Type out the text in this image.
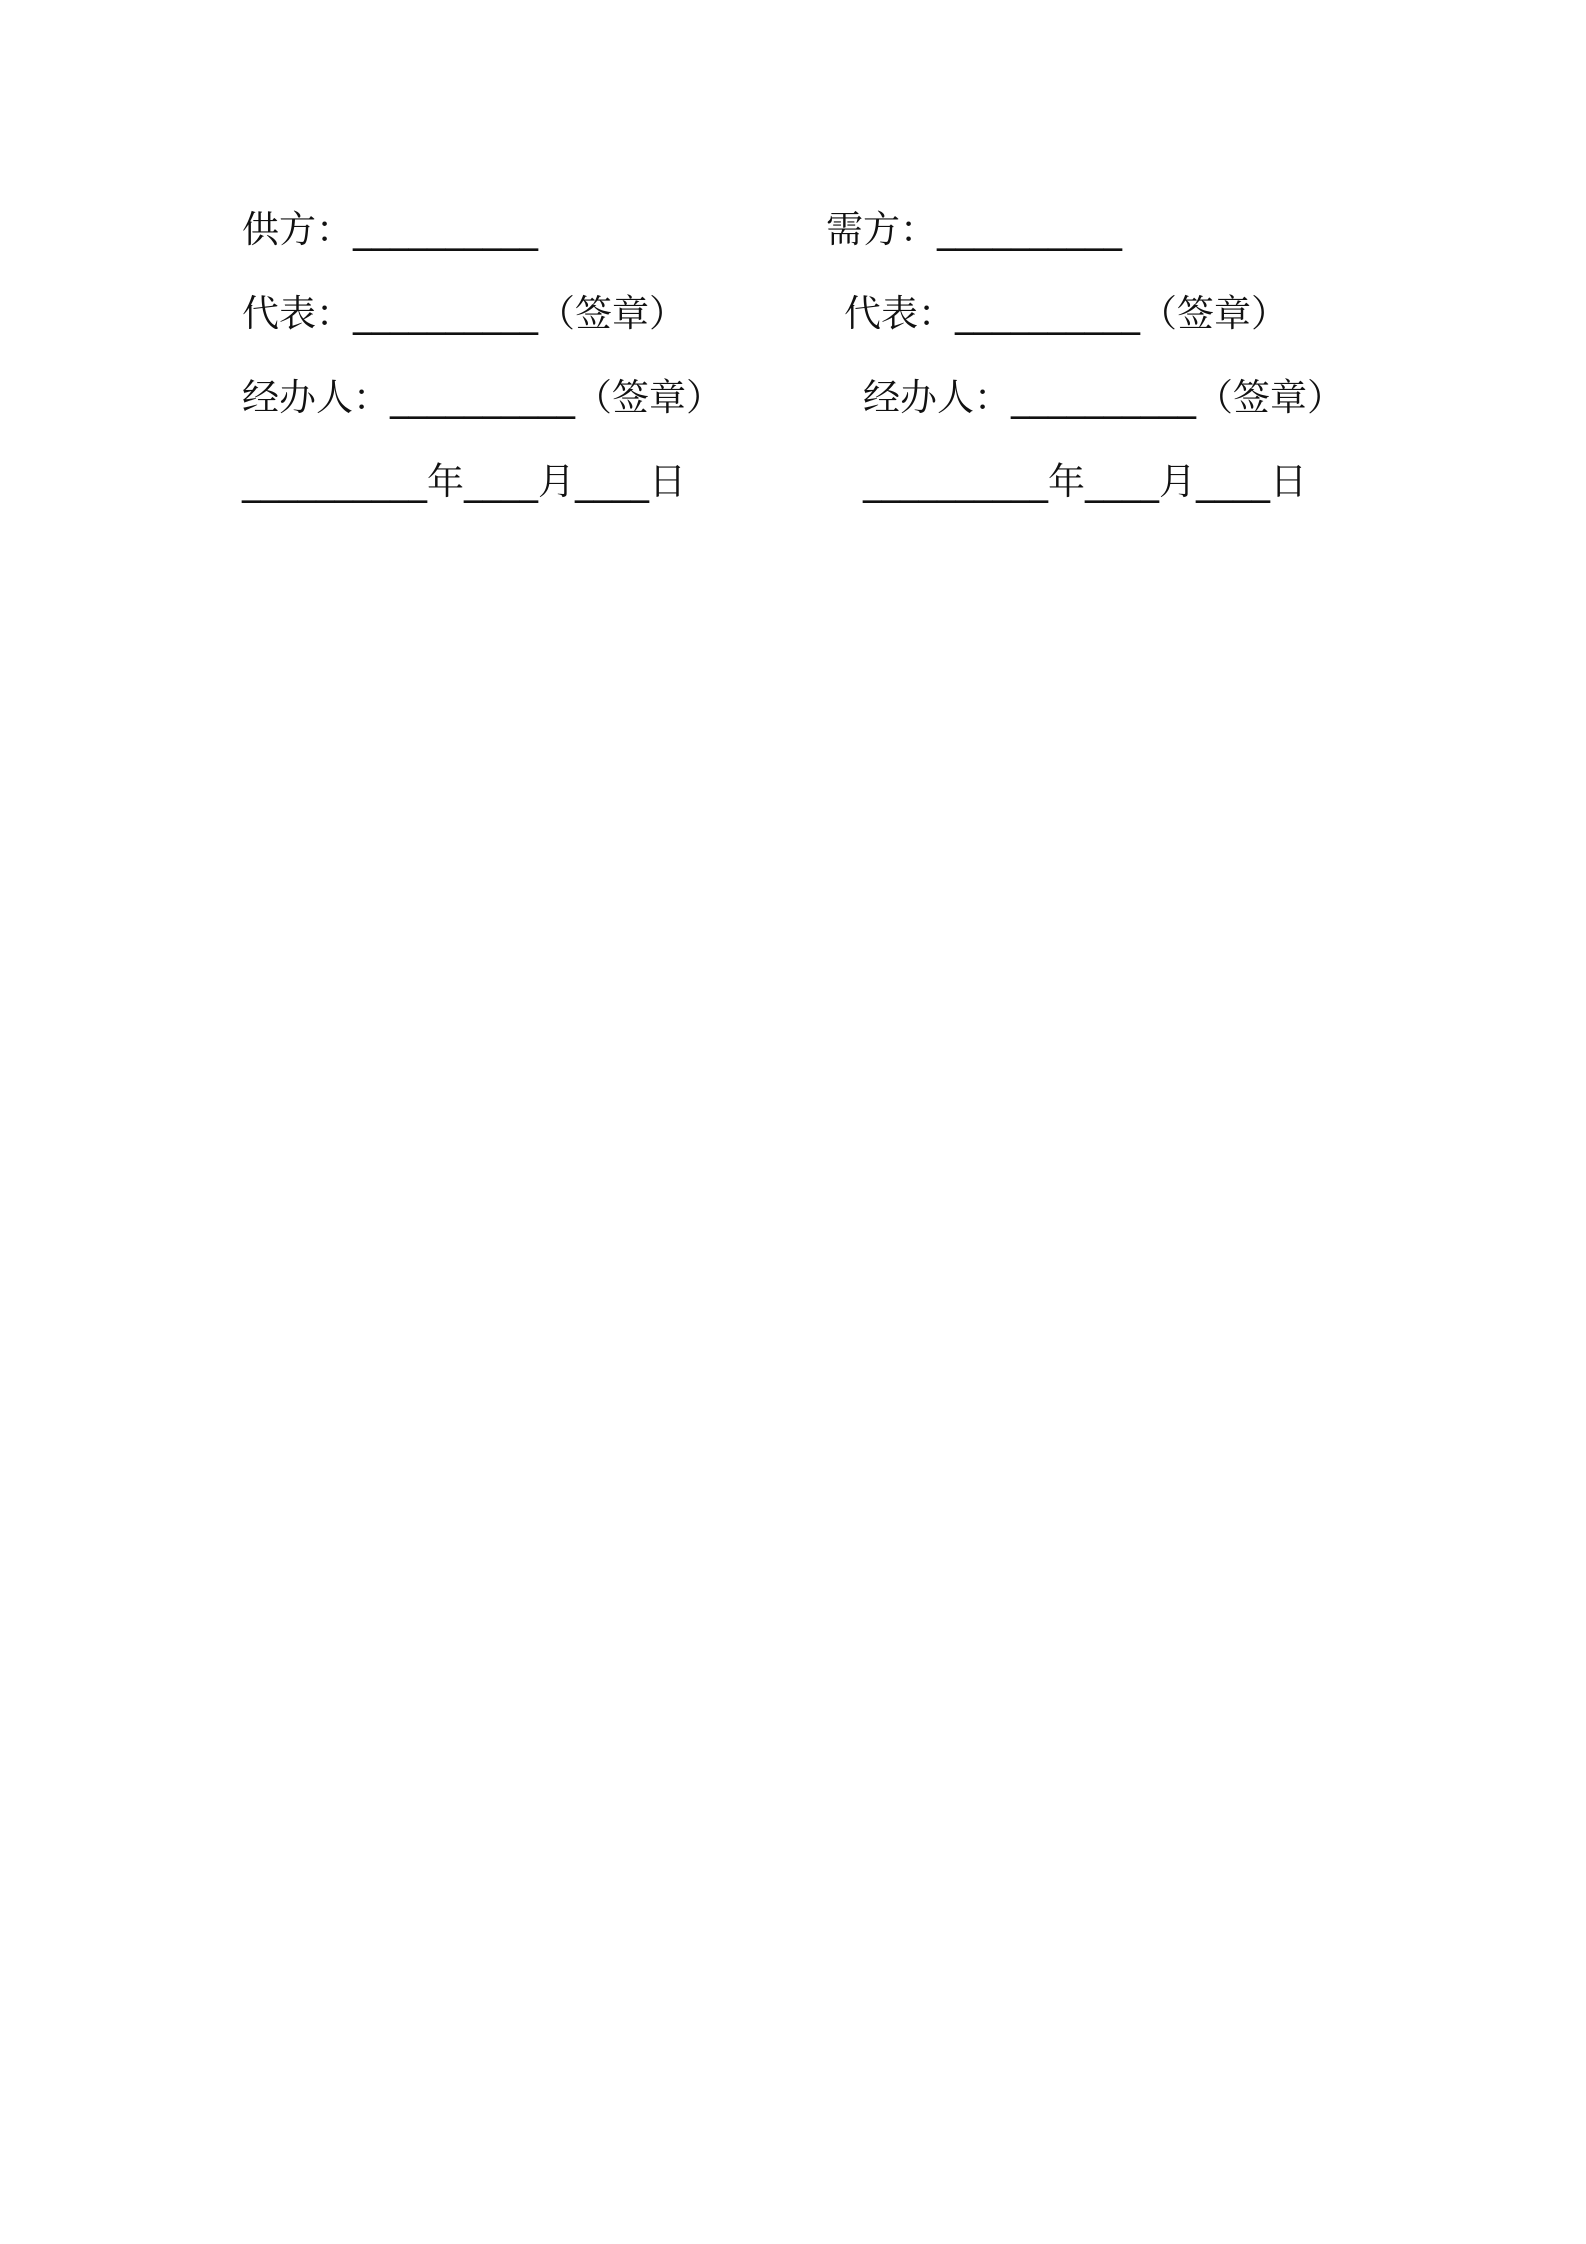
供方：__________
代表：__________（签章）
经办人：__________（签章）
__________年____月____日
需方：__________
代表：__________（签章）
经办人：__________（签章）
__________年____月____日
